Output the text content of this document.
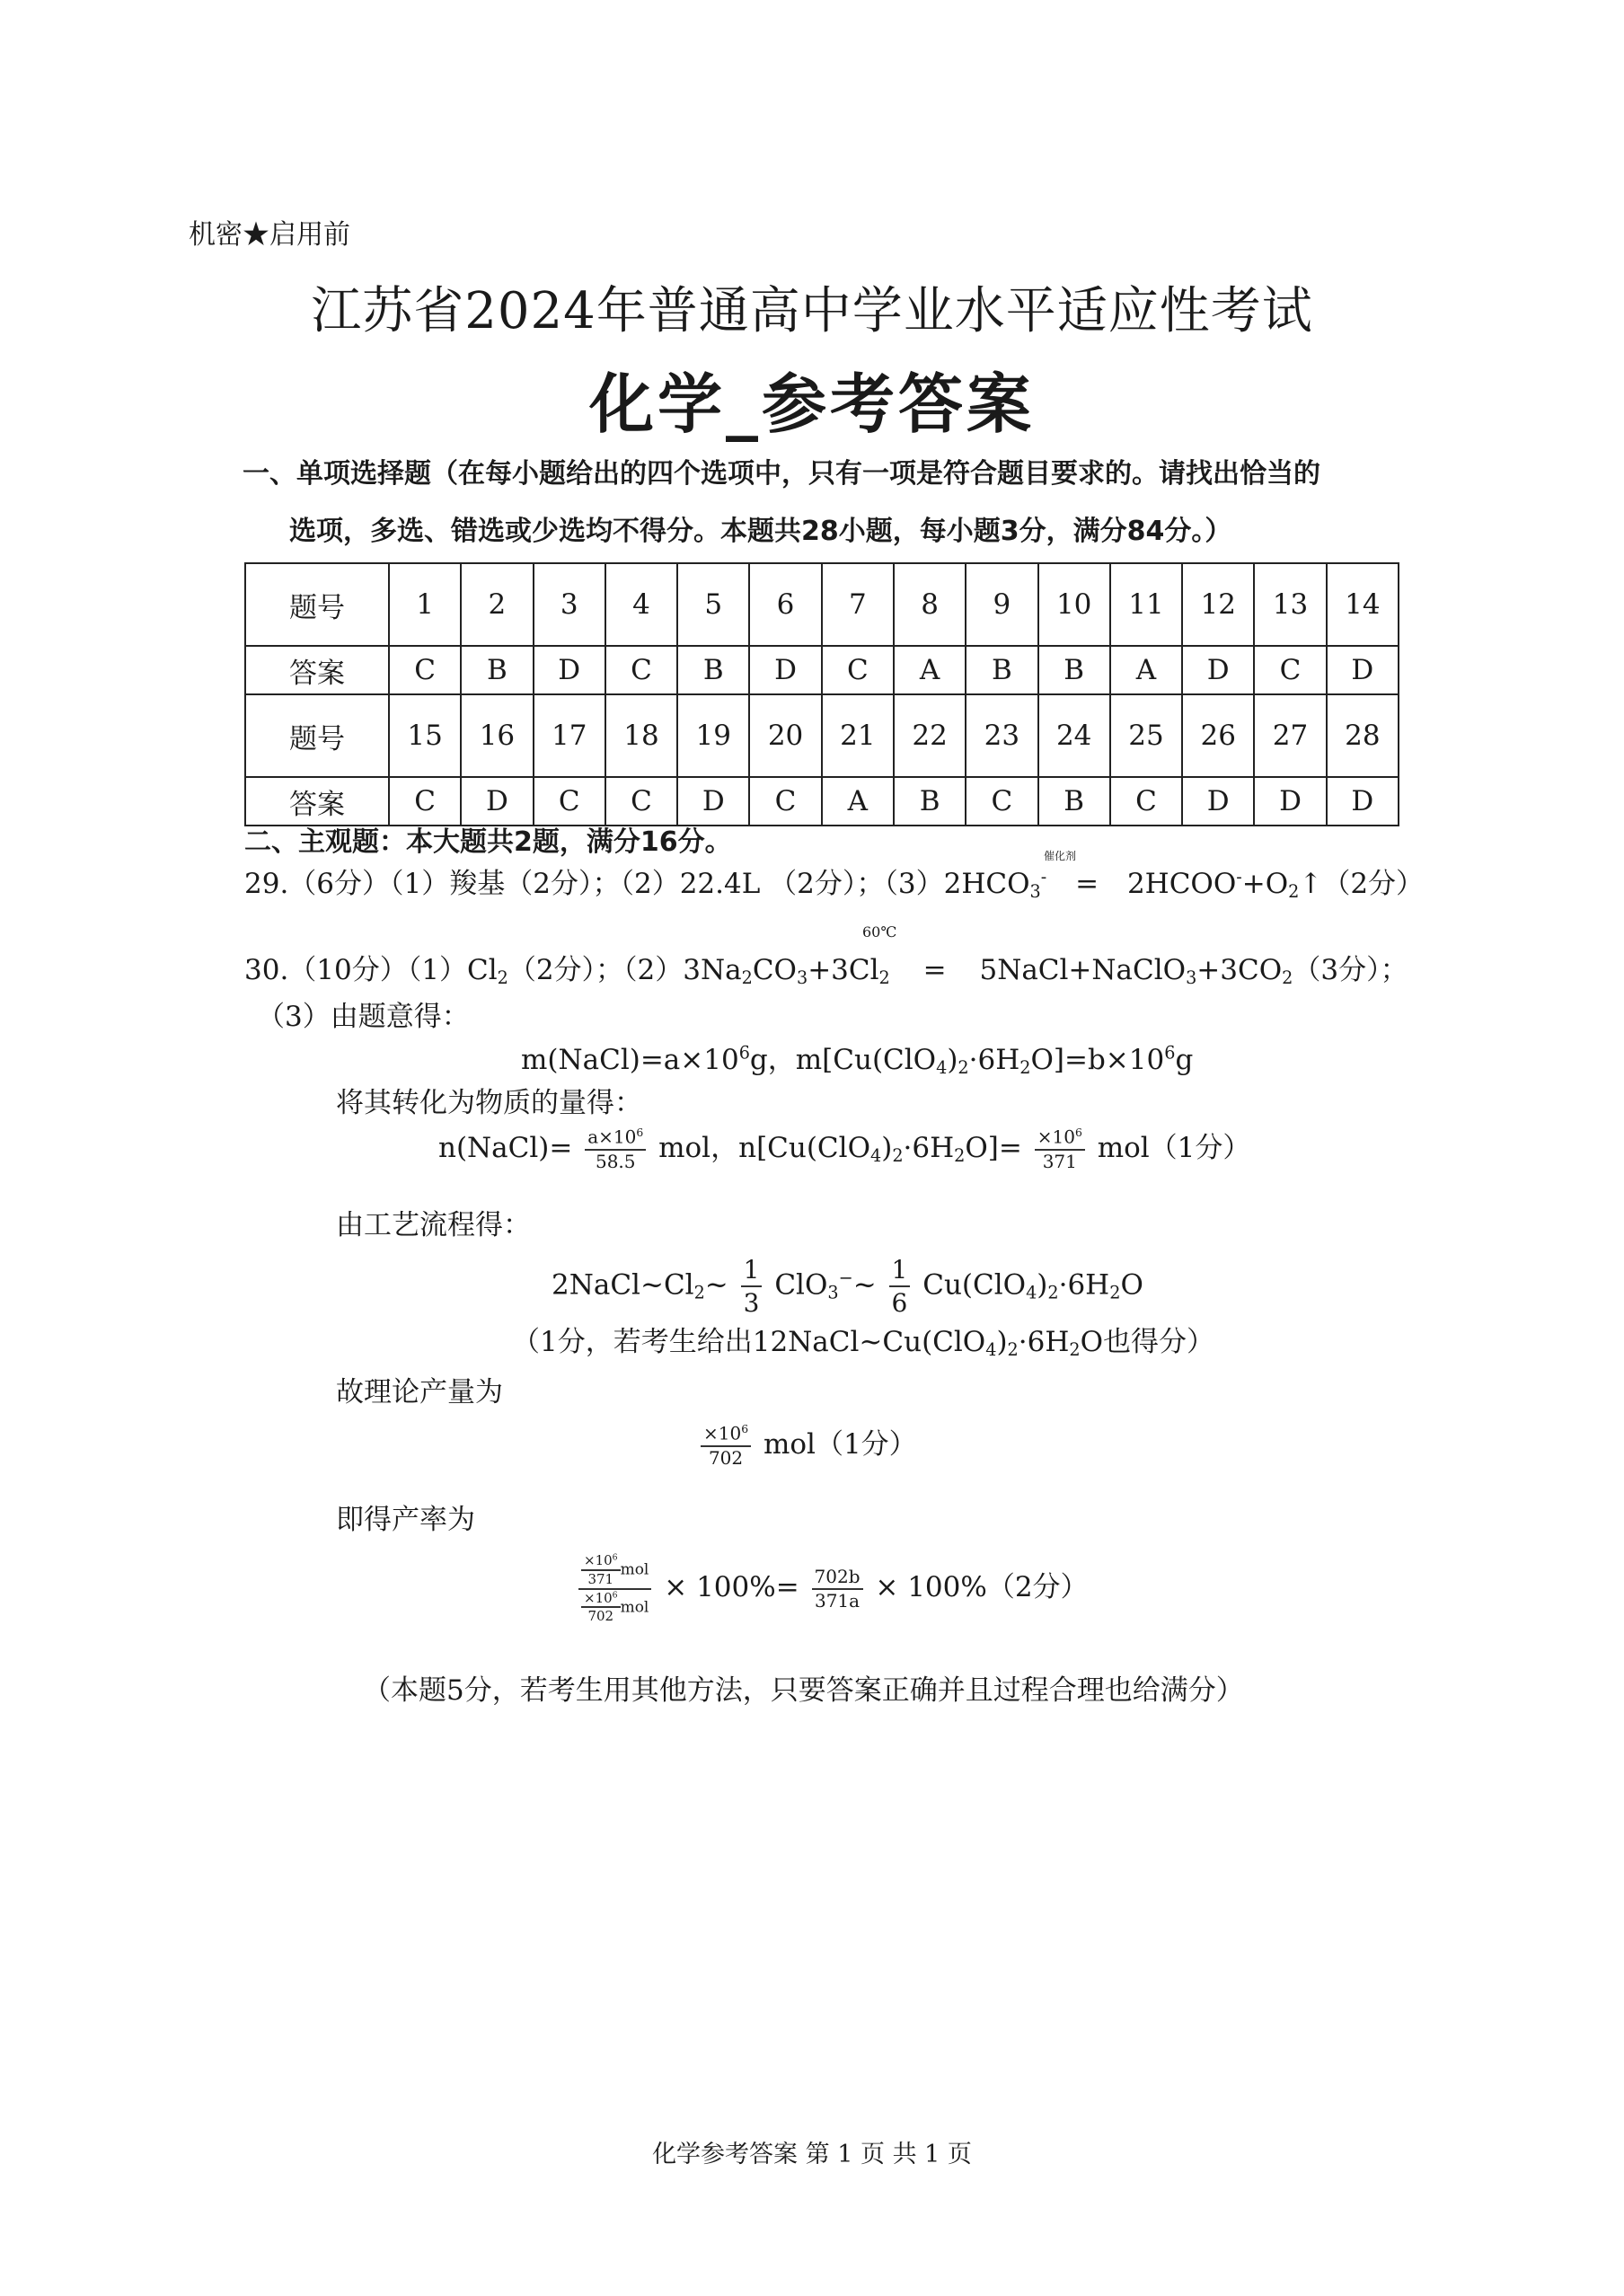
机密★启用前
江苏省2024年普通高中学业水平适应性考试
化学_参考答案
一、单项选择题（在每小题给出的四个选项中，只有一项是符合题目要求的。请找出恰当的
选项，多选、错选或少选均不得分。本题共28小题，每小题3分，满分84分。）
题号	1	2	3	4	5	6	7	8	9	10	11	12	13	14
答案	C	B	D	C	B	D	C	A	B	B	A	D	C	D
题号	15	16	17	18	19	20	21	22	23	24	25	26	27	28
答案	C	D	C	C	D	C	A	B	C	B	C	D	D	D
二、主观题：本大题共2题，满分16分。
29.（6分）（1）羧基（2分）；（2）22.4L （2分）；$(3)2HCO_3^-$ = $2HCOO^-+O_2↑(2$分）
催化剂
60℃
30.（10分）$(1)Cl_2(2$分）；$(2)3Na_2CO_3+3Cl_2$ = $5NaCl+NaClO_3+3CO_2(3$分）；
（3）由题意得：
$m(NaCl)=a\times 10^6g$，$m[Cu(ClO_4)_2\cdot 6H_2O]=b\times 10^6g$
将其转化为物质的量得：
n(NaCl)= $\frac{a\times 10^6}{58.5}$ mol，$n[Cu(ClO_4)_2\cdot 6H_2O]= \frac{\times 10^6}{371} mol(1$分）
由工艺流程得：
$2NaCl\sim Cl_2\sim \frac{1}{3}$ ClO$_3$−~ $\frac{1}{6} Cu(ClO_4)_2\cdot 6H_2O$
（1分，若考生给出$12NaCl\sim Cu(ClO_4)_2\cdot 6H_2O$也得分）
故理论产量为
$\frac{\times 10^6}{702} mol(1$分）
即得产率为
$\frac{\frac{\times 10^6}{371} mol}{\frac{\times 10^6}{702} mol} \times 100\%= \frac{702b}{371a} \times 100\%(2$分）
（本题5分，若考生用其他方法，只要答案正确并且过程合理也给满分）
化学参考答案 第 1 页 共 1 页
